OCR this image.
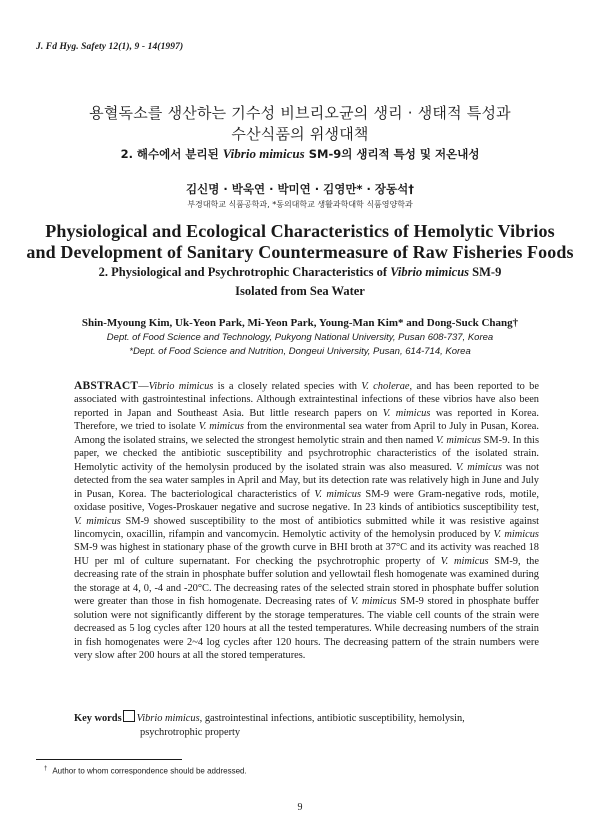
J. Fd Hyg. Safety 12(1), 9 - 14(1997)
용혈독소를 생산하는 기수성 비브리오균의 생리 · 생태적 특성과
수산식품의 위생대책
2. 해수에서 분리된 Vibrio mimicus SM-9의 생리적 특성 및 저온내성
김신명 · 박욱연 · 박미연 · 김영만* · 장동석†
부경대학교 식품공학과, *동의대학교 생활과학대학 식품영양학과
Physiological and Ecological Characteristics of Hemolytic Vibrios
and Development of Sanitary Countermeasure of Raw Fisheries Foods
2. Physiological and Psychrotrophic Characteristics of Vibrio mimicus SM-9
Isolated from Sea Water
Shin-Myoung Kim, Uk-Yeon Park, Mi-Yeon Park, Young-Man Kim* and Dong-Suck Chang†
Dept. of Food Science and Technology, Pukyong National University, Pusan 608-737, Korea
*Dept. of Food Science and Nutrition, Dongeui University, Pusan, 614-714, Korea
ABSTRACT—Vibrio mimicus is a closely related species with V. cholerae, and has been reported to be associated with gastrointestinal infections. Although extraintestinal infections of these vibrios have also been reported in Japan and Southeast Asia. But little research papers on V. mimicus was reported in Korea. Therefore, we tried to isolate V. mimicus from the environmental sea water from April to July in Pusan, Korea. Among the isolated strains, we selected the strongest hemolytic strain and then named V. mimicus SM-9. In this paper, we checked the antibiotic susceptibility and psychrotrophic characteristics of the isolated strain. Hemolytic activity of the hemolysin produced by the isolated strain was also measured. V. mimicus was not detected from the sea water samples in April and May, but its detection rate was relatively high in June and July in Pusan, Korea. The bacteriological characteristics of V. mimicus SM-9 were Gram-negative rods, motile, oxidase positive, Voges-Proskauer negative and sucrose negative. In 23 kinds of antibiotics susceptibility test, V. mimicus SM-9 showed susceptibility to the most of antibiotics submitted while it was resistive against lincomycin, oxacillin, rifampin and vancomycin. Hemolytic activity of the hemolysin produced by V. mimicus SM-9 was highest in stationary phase of the growth curve in BHI broth at 37°C and its activity was reached 18 HU per ml of culture supernatant. For checking the psychrotrophic property of V. mimicus SM-9, the decreasing rate of the strain in phosphate buffer solution and yellowtail flesh homogenate was examined during the storage at 4, 0, -4 and -20°C. The decreasing rates of the selected strain stored in phosphate buffer solution were greater than those in fish homogenate. Decreasing rates of V. mimicus SM-9 stored in phosphate buffer solution were not significantly different by the storage temperatures. The viable cell counts of the strain were decreased as 5 log cycles after 120 hours at all the tested temperatures. While decreasing numbers of the strain in fish homogenates were 2~4 log cycles after 120 hours. The decreasing pattern of the strain numbers were very slow after 200 hours at all the stored temperatures.
Key words Vibrio mimicus, gastrointestinal infections, antibiotic susceptibility, hemolysin,
psychrotrophic property
† Author to whom correspondence should be addressed.
9
